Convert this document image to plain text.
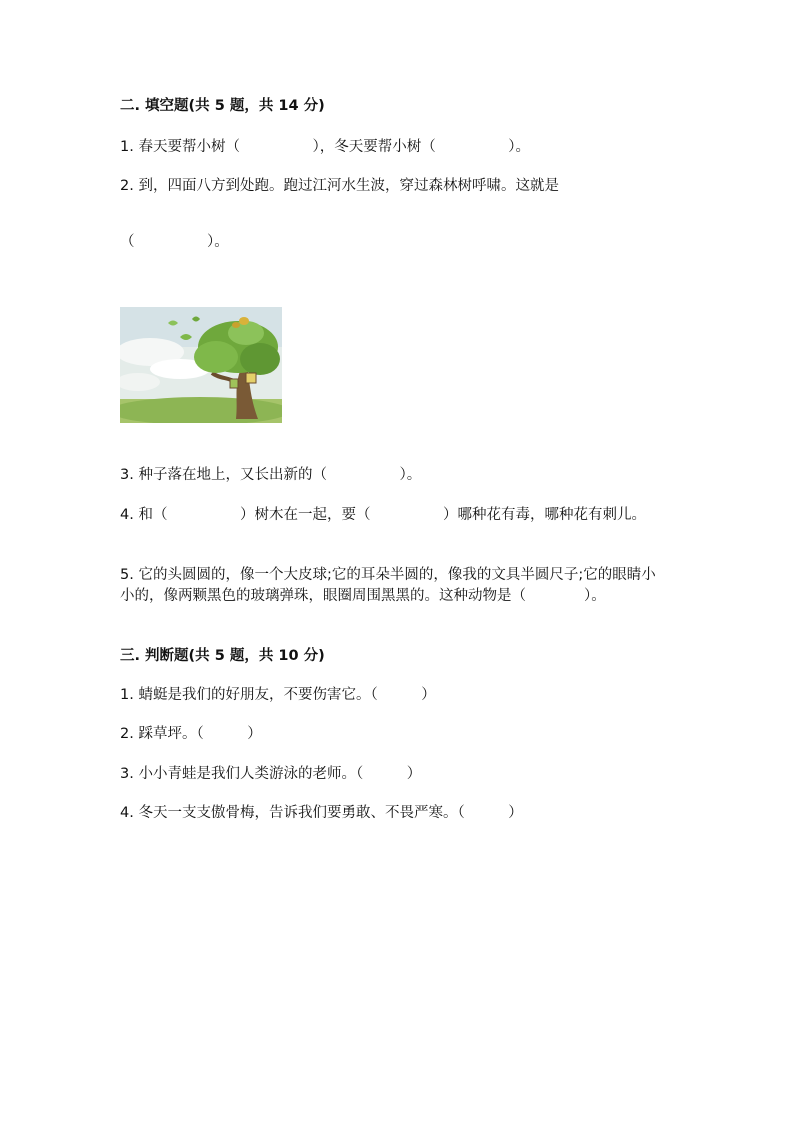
二. 填空题(共 5 题，共 14 分)
1. 春天要帮小树（　　　　　），冬天要帮小树（　　　　　）。
2. 到，四面八方到处跑。跑过江河水生波，穿过森林树呼啸。这就是
（　　　　　）。
3. 种子落在地上，又长出新的（　　　　　）。
4. 和（　　　　　）树木在一起，要（　　　　　）哪种花有毒，哪种花有刺儿。
5. 它的头圆圆的，像一个大皮球;它的耳朵半圆的，像我的文具半圆尺子;它的眼睛小小的，像两颗黑色的玻璃弹珠，眼圈周围黑黑的。这种动物是（　　　　）。
三. 判断题(共 5 题，共 10 分)
1. 蜻蜓是我们的好朋友，不要伤害它。（　　　）
2. 踩草坪。（　　　）
3. 小小青蛙是我们人类游泳的老师。（　　　）
4. 冬天一支支傲骨梅，告诉我们要勇敢、不畏严寒。（　　　）
